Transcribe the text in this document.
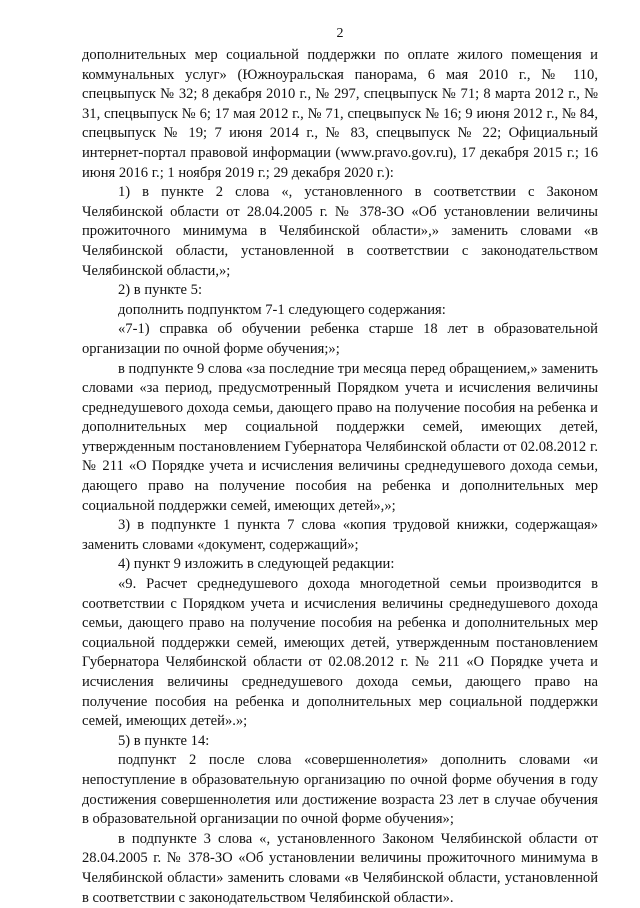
2

дополнительных мер социальной поддержки по оплате жилого помещения и коммунальных услуг» (Южноуральская панорама, 6 мая 2010 г., № 110, спецвыпуск № 32; 8 декабря 2010 г., № 297, спецвыпуск № 71; 8 марта 2012 г., № 31, спецвыпуск № 6; 17 мая 2012 г., № 71, спецвыпуск № 16; 9 июня 2012 г., № 84, спецвыпуск № 19; 7 июня 2014 г., № 83, спецвыпуск № 22; Официальный интернет-портал правовой информации (www.pravo.gov.ru), 17 декабря 2015 г.; 16 июня 2016 г.; 1 ноября 2019 г.; 29 декабря 2020 г.):

1) в пункте 2 слова «, установленного в соответствии с Законом Челябинской области от 28.04.2005 г. № 378-ЗО «Об установлении величины прожиточного минимума в Челябинской области»,» заменить словами «в Челябинской области, установленной в соответствии с законодательством Челябинской области,»;

2) в пункте 5:

дополнить подпунктом 7-1 следующего содержания:

«7-1) справка об обучении ребенка старше 18 лет в образовательной организации по очной форме обучения;»;

в подпункте 9 слова «за последние три месяца перед обращением,» заменить словами «за период, предусмотренный Порядком учета и исчисления величины среднедушевого дохода семьи, дающего право на получение пособия на ребенка и дополнительных мер социальной поддержки семей, имеющих детей, утвержденным постановлением Губернатора Челябинской области от 02.08.2012 г. № 211 «О Порядке учета и исчисления величины среднедушевого дохода семьи, дающего право на получение пособия на ребенка и дополнительных мер социальной поддержки семей, имеющих детей»,»;

3) в подпункте 1 пункта 7 слова «копия трудовой книжки, содержащая» заменить словами «документ, содержащий»;

4) пункт 9 изложить в следующей редакции:

«9. Расчет среднедушевого дохода многодетной семьи производится в соответствии с Порядком учета и исчисления величины среднедушевого дохода семьи, дающего право на получение пособия на ребенка и дополнительных мер социальной поддержки семей, имеющих детей, утвержденным постановлением Губернатора Челябинской области от 02.08.2012 г. № 211 «О Порядке учета и исчисления величины среднедушевого дохода семьи, дающего право на получение пособия на ребенка и дополнительных мер социальной поддержки семей, имеющих детей».»;

5) в пункте 14:

подпункт 2 после слова «совершеннолетия» дополнить словами «и непоступление в образовательную организацию по очной форме обучения в году достижения совершеннолетия или достижение возраста 23 лет в случае обучения в образовательной организации по очной форме обучения»;

в подпункте 3 слова «, установленного Законом Челябинской области от 28.04.2005 г. № 378-ЗО «Об установлении величины прожиточного минимума в Челябинской области» заменить словами «в Челябинской области, установленной в соответствии с законодательством Челябинской области».
